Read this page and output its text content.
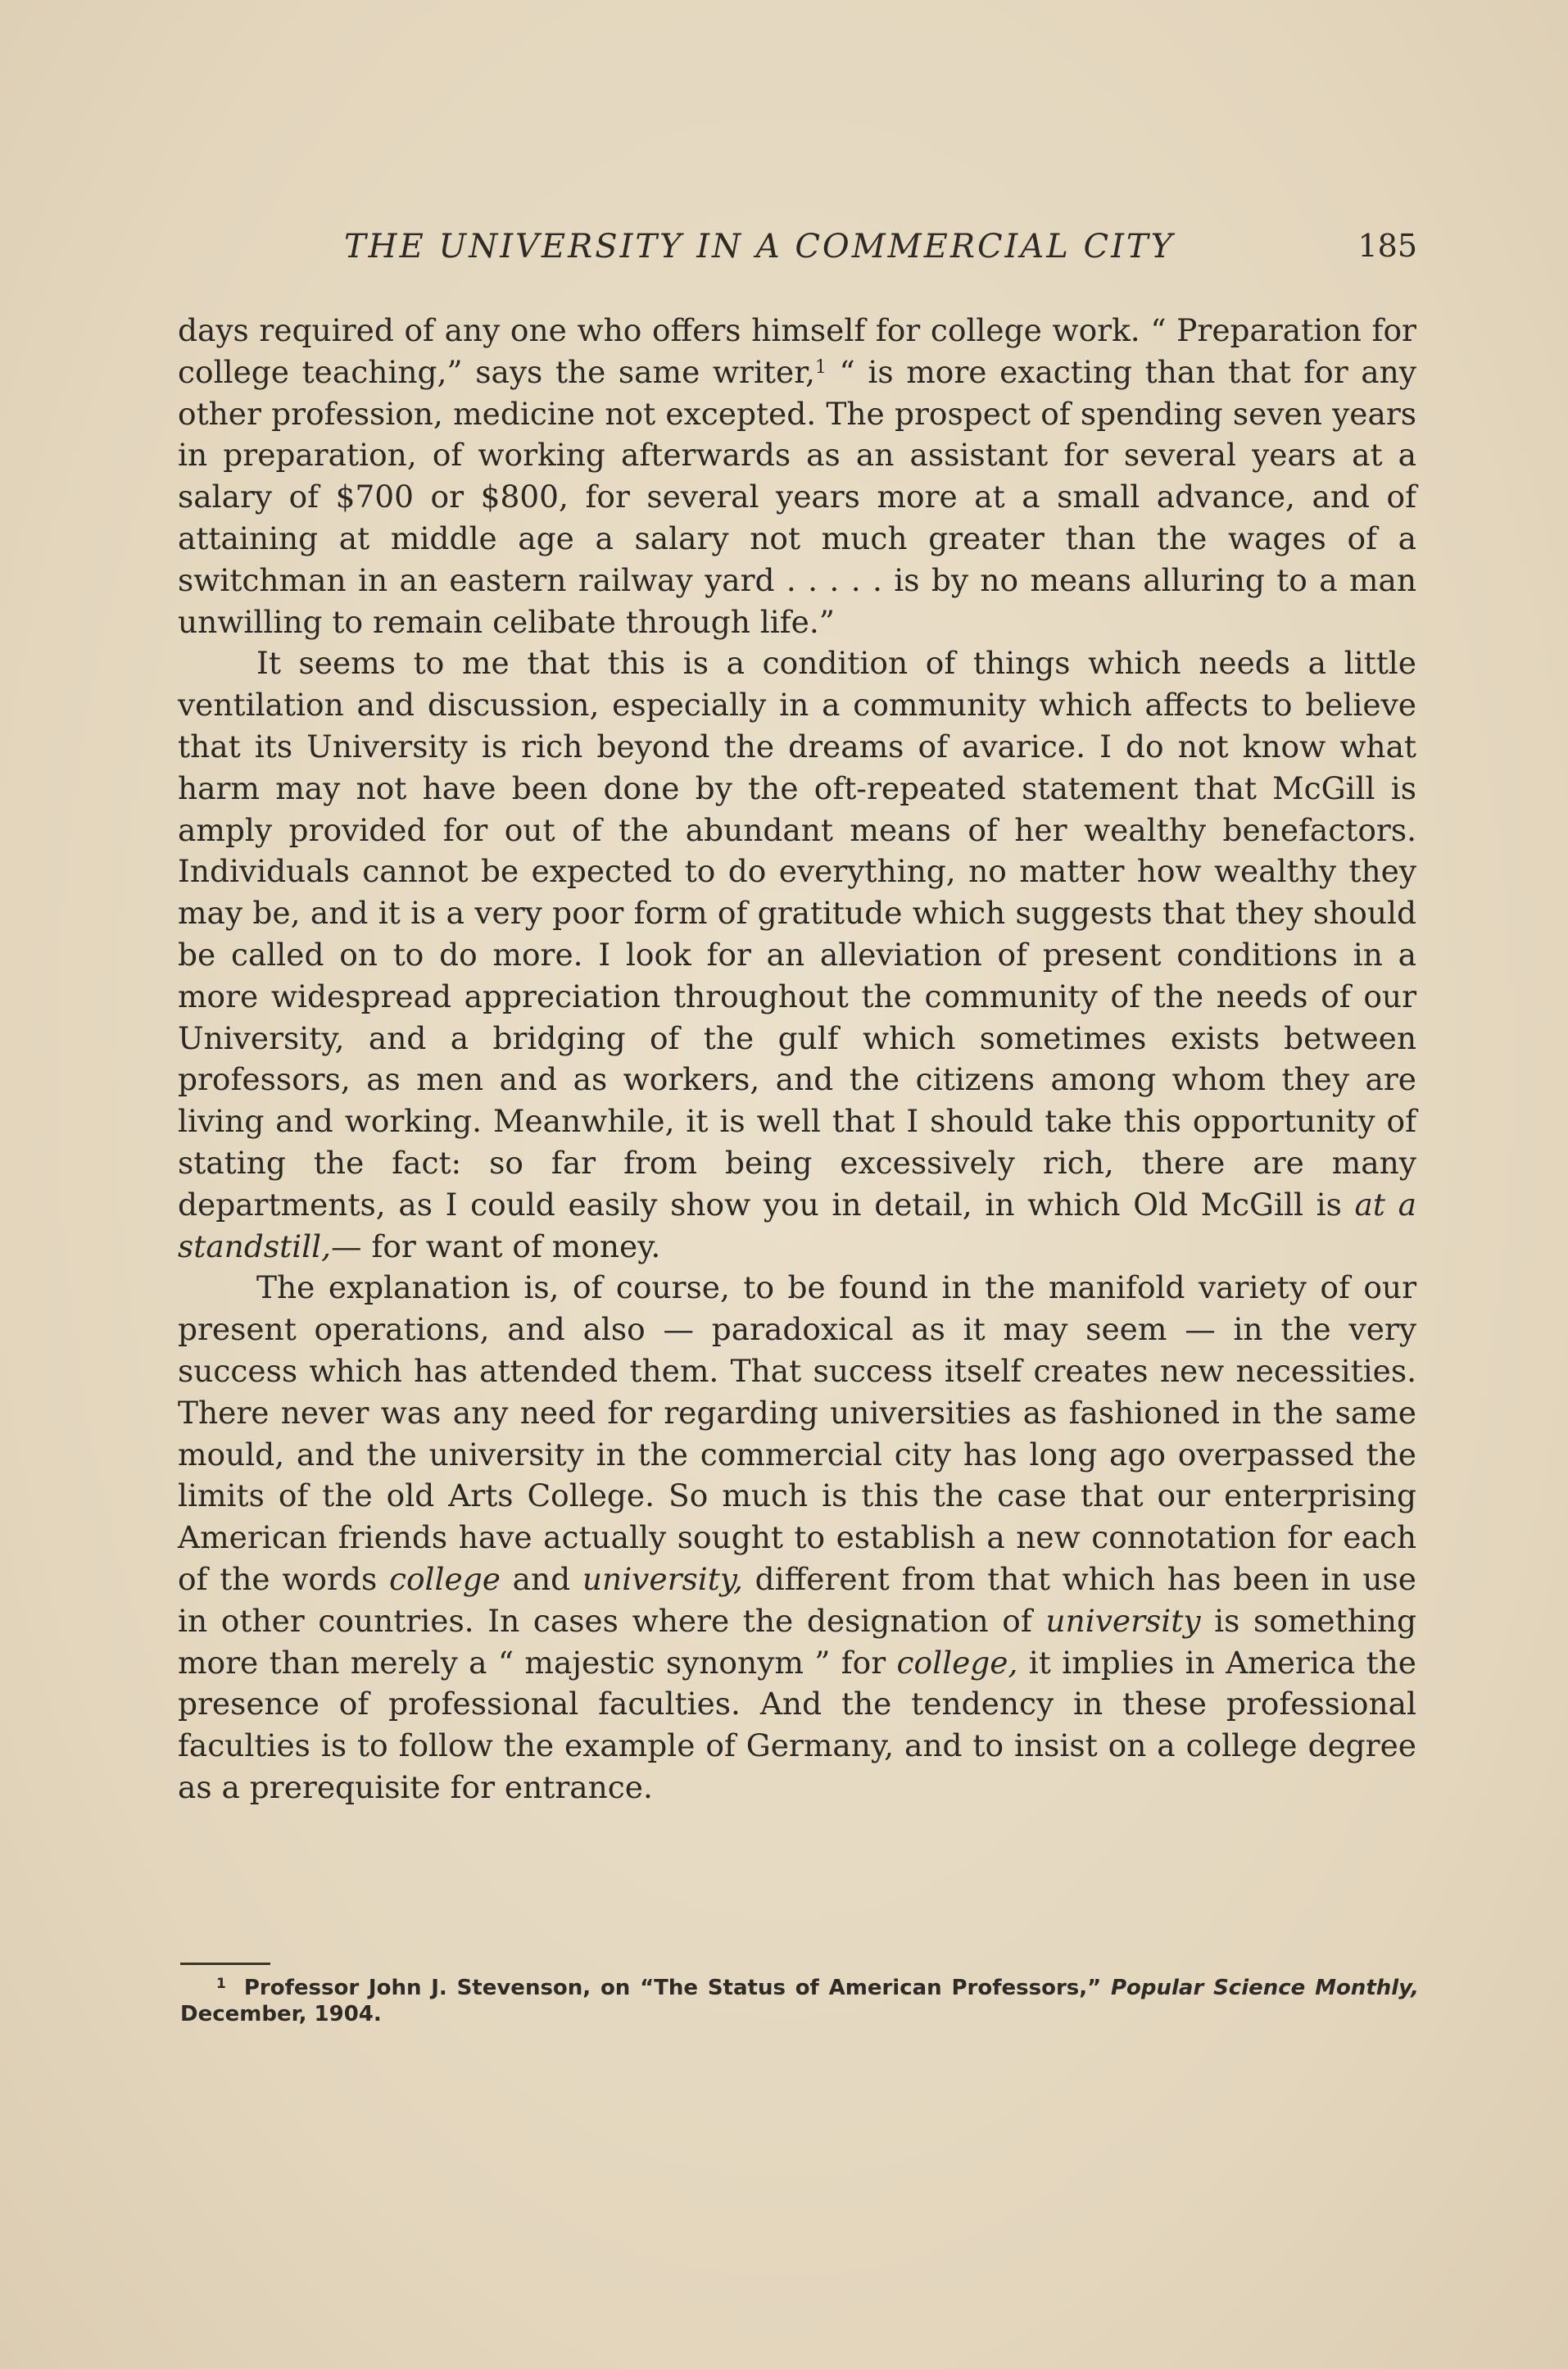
THE UNIVERSITY IN A COMMERCIAL CITY	185

days required of any one who offers himself for college work. “ Preparation for college teaching,” says the same writer,$^1$ “ is more exacting than that for any other profession, medicine not excepted. The prospect of spending seven years in preparation, of working afterwards as an assistant for several years at a salary of $700 or $800, for several years more at a small advance, and of attaining at middle age a salary not much greater than the wages of a switchman in an eastern railway yard . . . . . is by no means alluring to a man unwilling to remain celibate through life.”

It seems to me that this is a condition of things which needs a little ventilation and discussion, especially in a community which affects to believe that its University is rich beyond the dreams of avarice. I do not know what harm may not have been done by the oft-repeated statement that McGill is amply provided for out of the abundant means of her wealthy benefactors. Individuals cannot be expected to do everything, no matter how wealthy they may be, and it is a very poor form of gratitude which suggests that they should be called on to do more. I look for an alleviation of present conditions in a more widespread appreciation throughout the community of the needs of our University, and a bridging of the gulf which sometimes exists between professors, as men and as workers, and the citizens among whom they are living and working. Meanwhile, it is well that I should take this opportunity of stating the fact: so far from being excessively rich, there are many departments, as I could easily show you in detail, in which Old McGill is at a standstill,— for want of money.

The explanation is, of course, to be found in the manifold variety of our present operations, and also — paradoxical as it may seem — in the very success which has attended them. That success itself creates new necessities. There never was any need for regarding universities as fashioned in the same mould, and the university in the commercial city has long ago overpassed the limits of the old Arts College. So much is this the case that our enterprising American friends have actually sought to establish a new connotation for each of the words college and university, different from that which has been in use in other countries. In cases where the designation of university is something more than merely a “ majestic synonym ” for college, it implies in America the presence of professional faculties. And the tendency in these professional faculties is to follow the example of Germany, and to insist on a college degree as a prerequisite for entrance.

$^1$ Professor John J. Stevenson, on “The Status of American Professors,” Popular Science Monthly, December, 1904.
